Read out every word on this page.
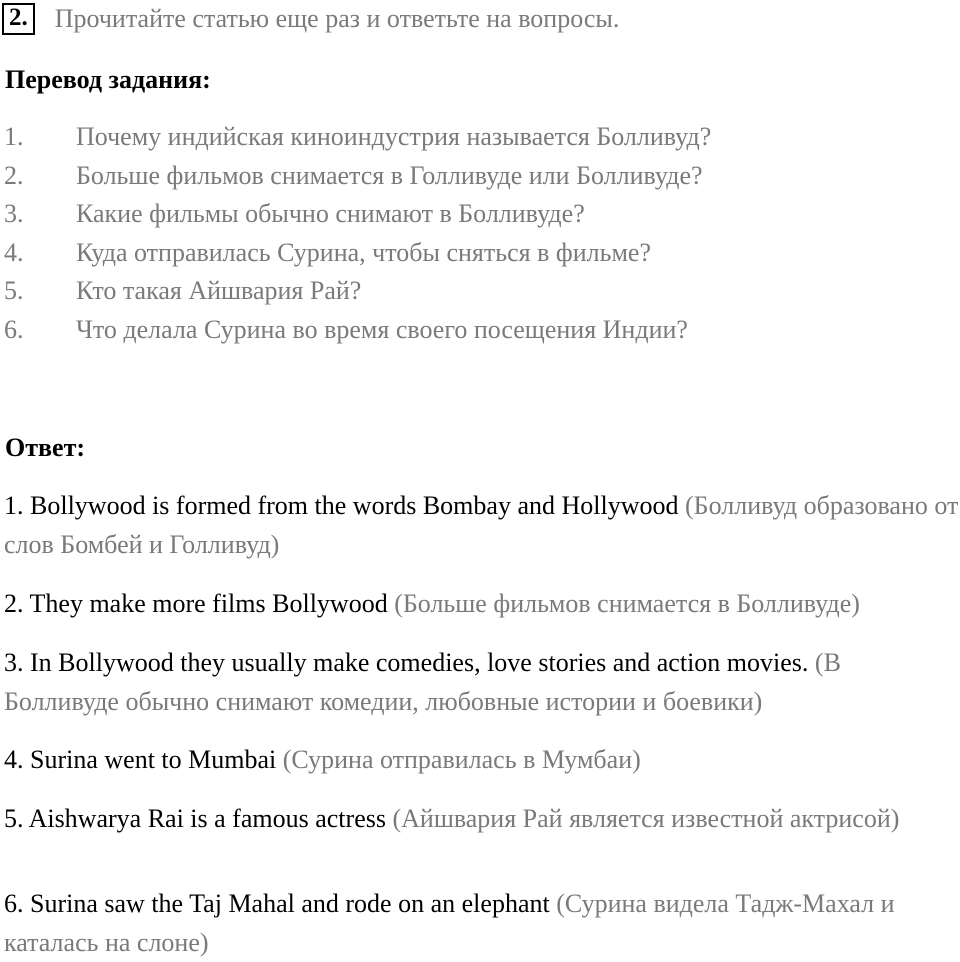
2. Прочитайте статью еще раз и ответьте на вопросы.
Перевод задания:
1.	Почему индийская киноиндустрия называется Болливуд?
2.	Больше фильмов снимается в Голливуде или Болливуде?
3.	Какие фильмы обычно снимают в Болливуде?
4.	Куда отправилась Сурина, чтобы сняться в фильме?
5.	Кто такая Айшвария Рай?
6.	Что делала Сурина во время своего посещения Индии?
Ответ:

1. Bollywood is formed from the words Bombay and Hollywood (Болливуд образовано от слов Бомбей и Голливуд)

2. They make more films Bollywood (Больше фильмов снимается в Болливуде)

3. In Bollywood they usually make comedies, love stories and action movies. (В Болливуде обычно снимают комедии, любовные истории и боевики)

4. Surina went to Mumbai (Сурина отправилась в Мумбаи)

5. Aishwarya Rai is a famous actress (Айшвария Рай является известной актрисой)

6. Surina saw the Taj Mahal and rode on an elephant (Сурина видела Тадж-Махал и каталась на слоне)
